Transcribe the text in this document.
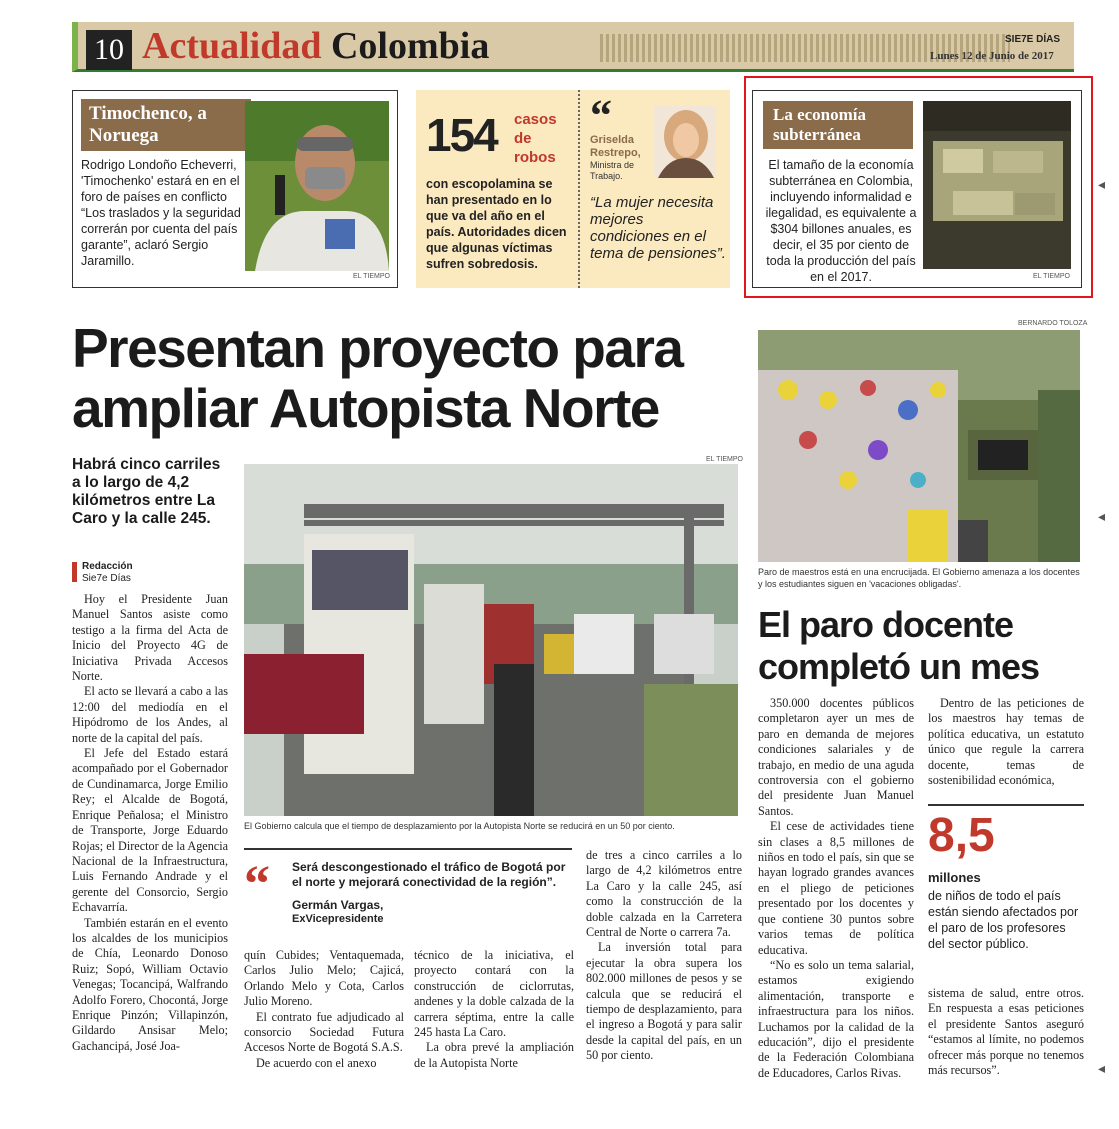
10 Actualidad Colombia	SIE7E DÍAS
Lunes 12 de Junio de 2017
Timochenco, a Noruega
Rodrigo Londoño Echeverri, 'Timochenko' estará en en el foro de países en conflicto “Los traslados y la seguridad correrán por cuenta del país garante”, aclaró Sergio Jaramillo.
EL TIEMPO
154 casos de robos
con escopolamina se han presentado en lo que va del año en el país. Autoridades dicen que algunas víctimas sufren sobredosis.
“
Griselda Restrepo,
Ministra de Trabajo.
“La mujer necesita mejores condiciones en el tema de pensiones”.
La economía subterránea
El tamaño de la economía subterránea en Colombia, incluyendo informalidad e ilegalidad, es equivalente a $304 billones anuales, es decir, el 35 por ciento de toda la producción del país en el 2017.	EL TIEMPO
Presentan proyecto para
ampliar Autopista Norte
Habrá cinco carriles a lo largo de 4,2 kilómetros entre La Caro y la calle 245.
Redacción
Sie7e Días
EL TIEMPO
El Gobierno calcula que el tiempo de desplazamiento por la Autopista Norte se reducirá en un 50 por ciento.

Hoy el Presidente Juan Manuel Santos asiste como testigo a la firma del Acta de Inicio del Proyecto 4G de Iniciativa Privada Accesos Norte.

El acto se llevará a cabo a las 12:00 del mediodía en el Hipódromo de los Andes, al norte de la capital del país.

El Jefe del Estado estará acompañado por el Gobernador de Cundinamarca, Jorge Emilio Rey; el Alcalde de Bogotá, Enrique Peñalosa; el Ministro de Transporte, Jorge Eduardo Rojas; el Director de la Agencia Nacional de la Infraestructura, Luis Fernando Andrade y el gerente del Consorcio, Sergio Echavarría.

También estarán en el evento los alcaldes de los municipios de Chía, Leonardo Donoso Ruiz; Sopó, William Octavio Venegas; Tocancipá, Walfrando Adolfo Forero, Chocontá, Jorge Enrique Pinzón; Villapinzón, Gildardo Ansisar Melo; Gachancipá, José Joa-

“ Será descongestionado el tráfico de Bogotá por el norte y mejorará conectividad de la región”.
Germán Vargas,
ExVicepresidente

quín Cubides; Ventaquemada, Carlos Julio Melo; Cajicá, Orlando Melo y Cota, Carlos Julio Moreno.

El contrato fue adjudicado al consorcio Sociedad Futura Accesos Norte de Bogotá S.A.S.

De acuerdo con el anexo

técnico de la iniciativa, el proyecto contará con la construcción de ciclorrutas, andenes y la doble calzada de la carrera séptima, entre la calle 245 hasta La Caro.

La obra prevé la ampliación de la Autopista Norte

de tres a cinco carriles a lo largo de 4,2 kilómetros entre La Caro y la calle 245, así como la construcción de la doble calzada en la Carretera Central de Norte o carrera 7a.

La inversión total para ejecutar la obra supera los 802.000 millones de pesos y se calcula que se reducirá el tiempo de desplazamiento, para el ingreso a Bogotá y para salir desde la capital del país, en un 50 por ciento.

BERNARDO TOLOZA
Paro de maestros está en una encrucijada. El Gobierno amenaza a los docentes y los estudiantes siguen en 'vacaciones obligadas'.
El paro docente
completó un mes

350.000 docentes públicos completaron ayer un mes de paro en demanda de mejores condiciones salariales y de trabajo, en medio de una aguda controversia con el gobierno del presidente Juan Manuel Santos.

El cese de actividades tiene sin clases a 8,5 millones de niños en todo el país, sin que se hayan logrado grandes avances en el pliego de peticiones presentado por los docentes y que contiene 30 puntos sobre varios temas de política educativa.

“No es solo un tema salarial, estamos exigiendo alimentación, transporte e infraestructura para los niños. Luchamos por la calidad de la educación”, dijo el presidente de la Federación Colombiana de Educadores, Carlos Rivas.

Dentro de las peticiones de los maestros hay temas de política educativa, un estatuto único que regule la carrera docente, temas de sostenibilidad económica,

8,5
millones
de niños de todo el país están siendo afectados por el paro de los profesores del sector público.

sistema de salud, entre otros. En respuesta a esas peticiones el presidente Santos aseguró “estamos al límite, no podemos ofrecer más porque no tenemos más recursos”.

◂
◂
◂
